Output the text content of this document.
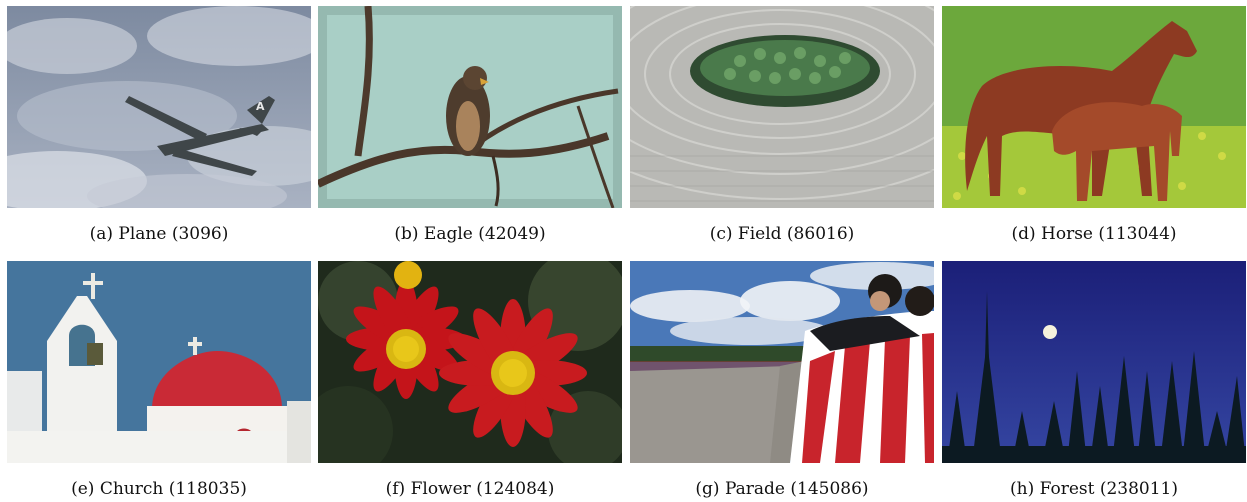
A
(a) Plane (3096)	(b) Eagle (42049)	(c) Field (86016)	(d) Horse (113044)
(e) Church (118035)	(f) Flower (124084)	(g) Parade (145086)	(h) Forest (238011)
